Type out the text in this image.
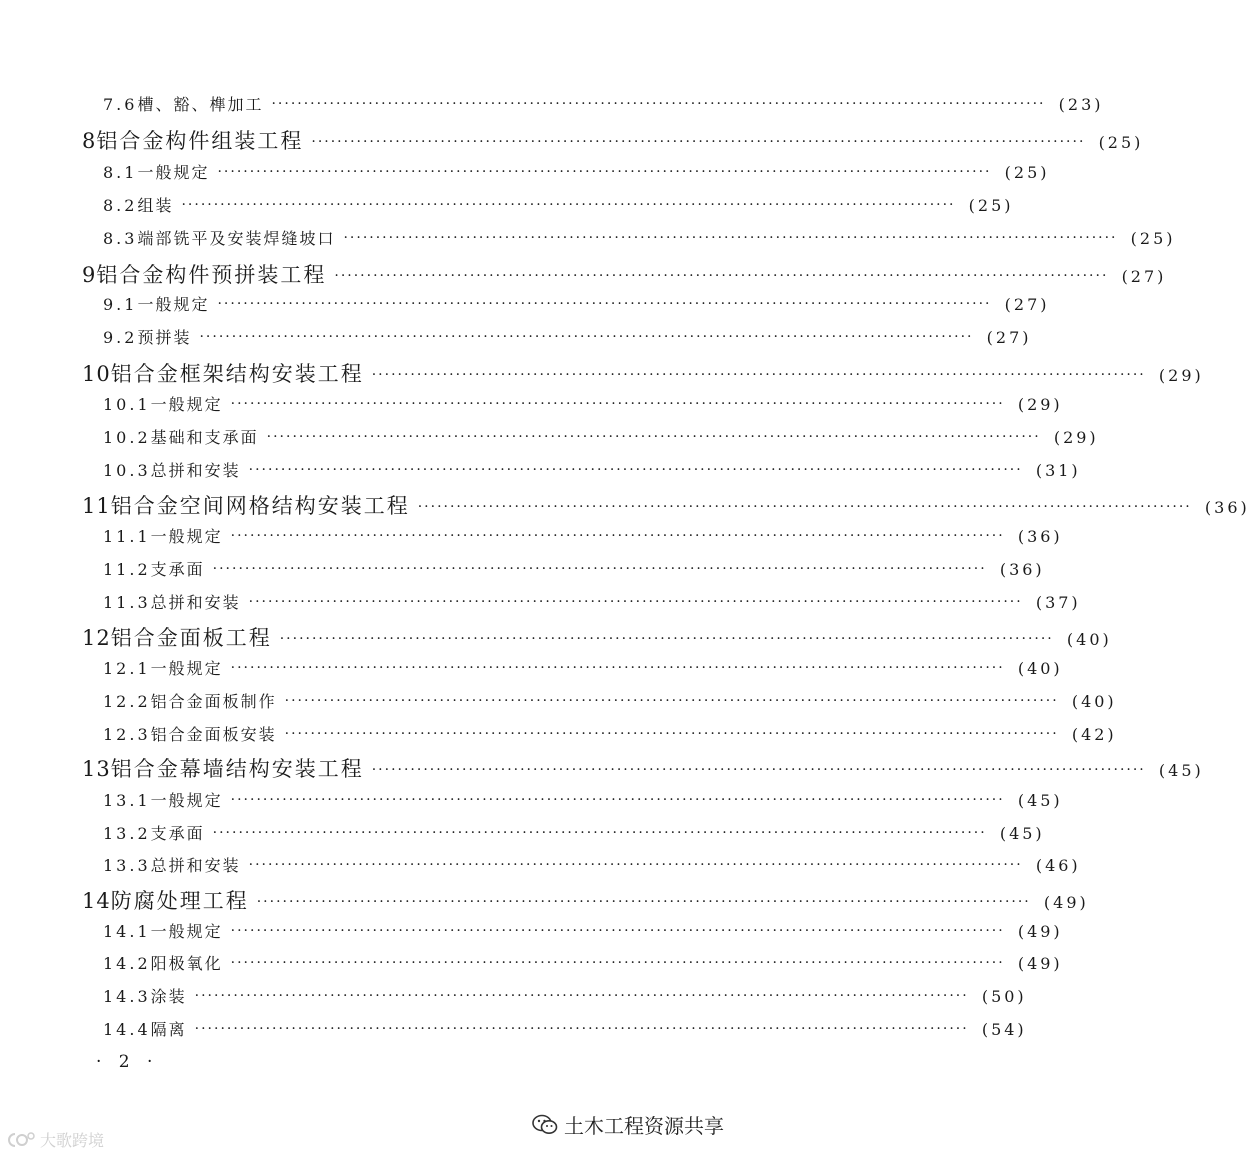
7.6 槽、豁、榫加工 ························································································································ (23)
8 铝合金构件组装工程 ························································································································ (25)
8.1 一般规定 ························································································································ (25)
8.2 组装 ························································································································ (25)
8.3 端部铣平及安装焊缝坡口 ························································································································ (25)
9 铝合金构件预拼装工程 ························································································································ (27)
9.1 一般规定 ························································································································ (27)
9.2 预拼装 ························································································································ (27)
10 铝合金框架结构安装工程 ························································································································ (29)
10.1 一般规定 ························································································································ (29)
10.2 基础和支承面 ························································································································ (29)
10.3 总拼和安装 ························································································································ (31)
11 铝合金空间网格结构安装工程 ························································································································ (36)
11.1 一般规定 ························································································································ (36)
11.2 支承面 ························································································································ (36)
11.3 总拼和安装 ························································································································ (37)
12 铝合金面板工程 ························································································································ (40)
12.1 一般规定 ························································································································ (40)
12.2 铝合金面板制作 ························································································································ (40)
12.3 铝合金面板安装 ························································································································ (42)
13 铝合金幕墙结构安装工程 ························································································································ (45)
13.1 一般规定 ························································································································ (45)
13.2 支承面 ························································································································ (45)
13.3 总拼和安装 ························································································································ (46)
14 防腐处理工程 ························································································································ (49)
14.1 一般规定 ························································································································ (49)
14.2 阳极氧化 ························································································································ (49)
14.3 涂装 ························································································································ (50)
14.4 隔离 ························································································································ (54)
· 2 ·
土木工程资源共享
大歌跨境
